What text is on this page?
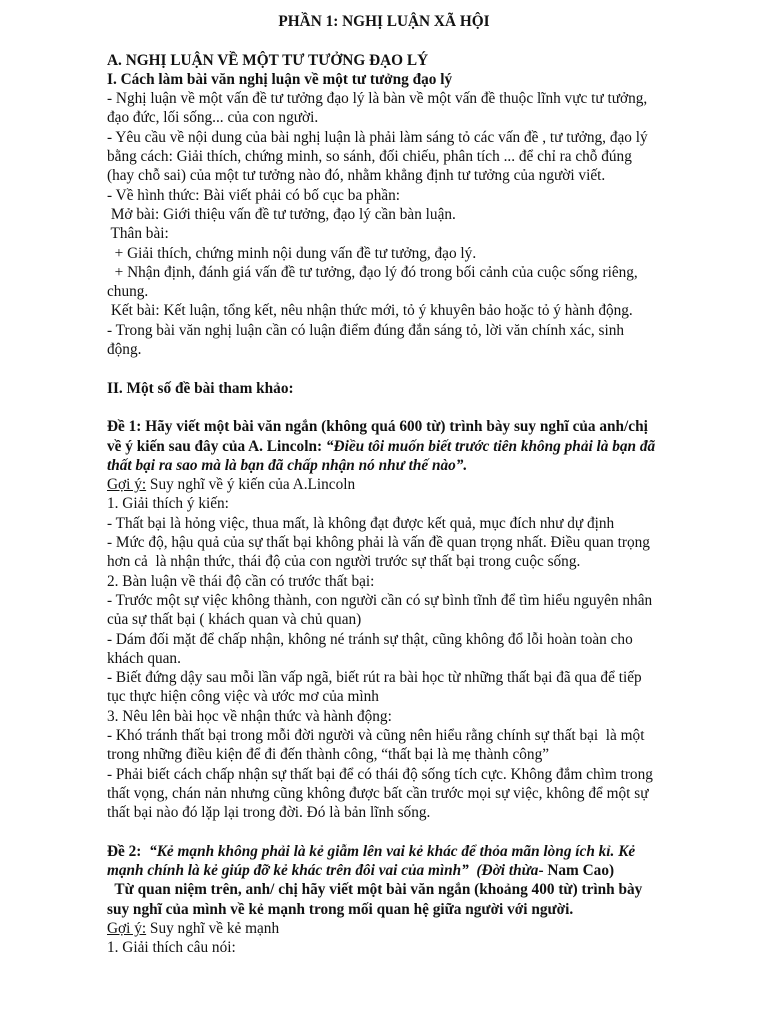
PHẦN 1: NGHỊ LUẬN XÃ HỘI
A. NGHỊ LUẬN VỀ MỘT TƯ TƯỞNG ĐẠO LÝ
I. Cách làm bài văn nghị luận về một tư tưởng đạo lý
- Nghị luận về một vấn đề tư tưởng đạo lý là bàn về một vấn đề thuộc lĩnh vực tư tưởng,
đạo đức, lối sống... của con người.
- Yêu cầu về nội dung của bài nghị luận là phải làm sáng tỏ các vấn đề , tư tưởng, đạo lý
bằng cách: Giải thích, chứng minh, so sánh, đối chiếu, phân tích ... để chỉ ra chỗ đúng
(hay chỗ sai) của một tư tưởng nào đó, nhằm khẳng định tư tưởng của người viết.
- Về hình thức: Bài viết phải có bố cục ba phần:
Mở bài: Giới thiệu vấn đề tư tưởng, đạo lý cần bàn luận.
Thân bài:
+ Giải thích, chứng minh nội dung vấn đề tư tưởng, đạo lý.
+ Nhận định, đánh giá vấn đề tư tưởng, đạo lý đó trong bối cảnh của cuộc sống riêng,
chung.
Kết bài: Kết luận, tổng kết, nêu nhận thức mới, tỏ ý khuyên bảo hoặc tỏ ý hành động.
- Trong bài văn nghị luận cần có luận điểm đúng đắn sáng tỏ, lời văn chính xác, sinh
động.
II. Một số đề bài tham khảo:
Đề 1: Hãy viết một bài văn ngắn (không quá 600 từ) trình bày suy nghĩ của anh/chị
về ý kiến sau đây của A. Lincoln: “Điều tôi muốn biết trước tiên không phải là bạn đã
thất bại ra sao mà là bạn đã chấp nhận nó như thế nào”.
Gợi ý: Suy nghĩ về ý kiến của A.Lincoln
1. Giải thích ý kiến:
- Thất bại là hỏng việc, thua mất, là không đạt được kết quả, mục đích như dự định
- Mức độ, hậu quả của sự thất bại không phải là vấn đề quan trọng nhất. Điều quan trọng
hơn cả  là nhận thức, thái độ của con người trước sự thất bại trong cuộc sống.
2. Bàn luận về thái độ cần có trước thất bại:
- Trước một sự việc không thành, con người cần có sự bình tĩnh để tìm hiểu nguyên nhân
của sự thất bại ( khách quan và chủ quan)
- Dám đối mặt để chấp nhận, không né tránh sự thật, cũng không đổ lỗi hoàn toàn cho
khách quan.
- Biết đứng dậy sau mỗi lần vấp ngã, biết rút ra bài học từ những thất bại đã qua để tiếp
tục thực hiện công việc và ước mơ của mình
3. Nêu lên bài học về nhận thức và hành động:
- Khó tránh thất bại trong mỗi đời người và cũng nên hiểu rằng chính sự thất bại  là một
trong những điều kiện để đi đến thành công, “thất bại là mẹ thành công”
- Phải biết cách chấp nhận sự thất bại để có thái độ sống tích cực. Không đắm chìm trong
thất vọng, chán nản nhưng cũng không được bất cần trước mọi sự việc, không để một sự
thất bại nào đó lặp lại trong đời. Đó là bản lĩnh sống.
Đề 2:  “Kẻ mạnh không phải là kẻ giẫm lên vai kẻ khác để thỏa mãn lòng ích kỉ. Kẻ
mạnh chính là kẻ giúp đỡ kẻ khác trên đôi vai của mình”  (Đời thừa- Nam Cao)
Từ quan niệm trên, anh/ chị hãy viết một bài văn ngắn (khoảng 400 từ) trình bày
suy nghĩ của mình về kẻ mạnh trong mối quan hệ giữa người với người.
Gợi ý: Suy nghĩ về kẻ mạnh
1. Giải thích câu nói:
